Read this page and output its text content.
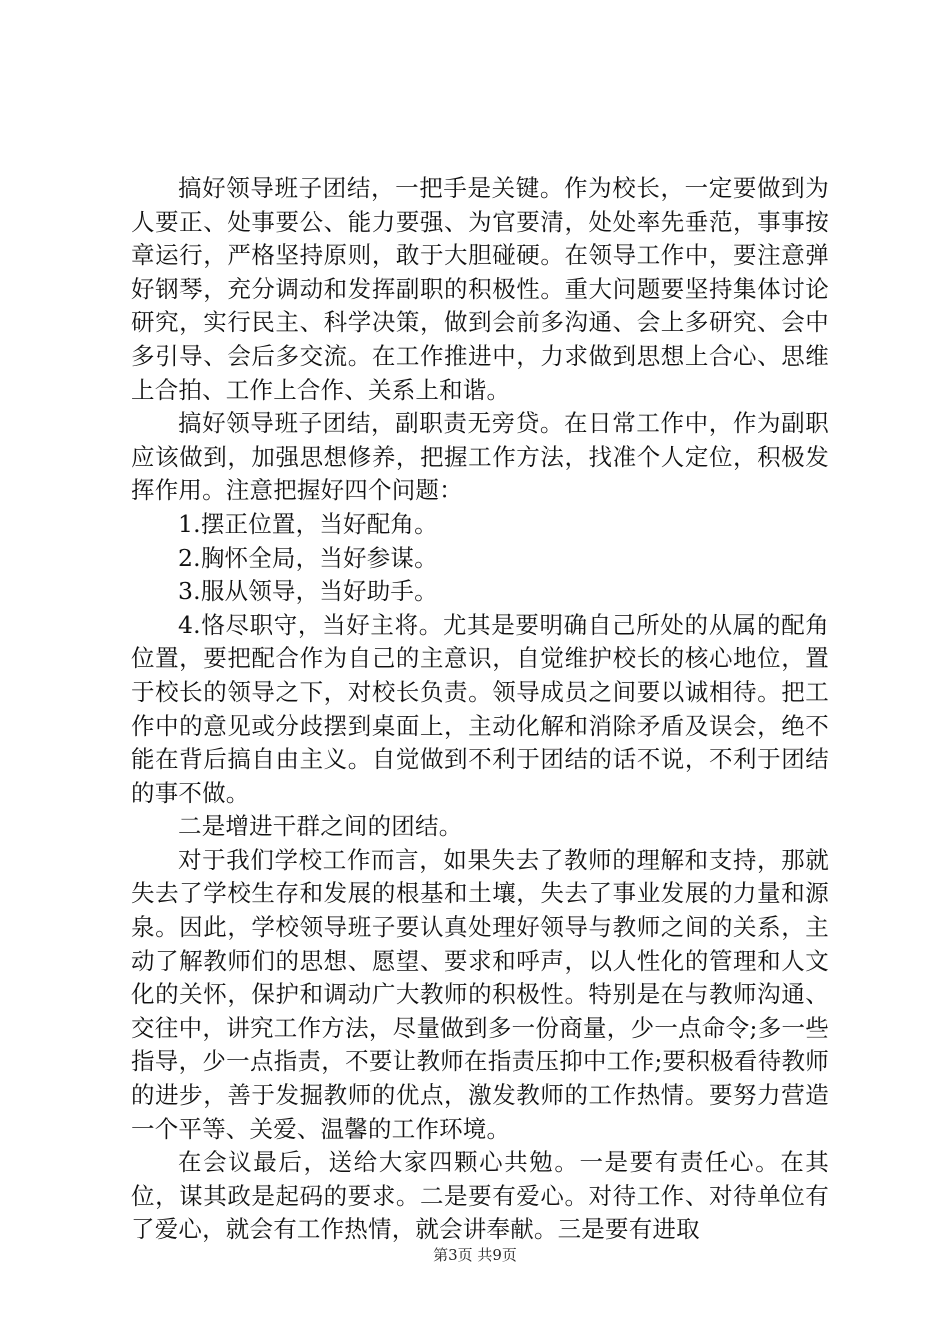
搞好领导班子团结，一把手是关键。作为校长，一定要做到为人要正、处事要公、能力要强、为官要清，处处率先垂范，事事按章运行，严格坚持原则，敢于大胆碰硬。在领导工作中，要注意弹好钢琴，充分调动和发挥副职的积极性。重大问题要坚持集体讨论研究，实行民主、科学决策，做到会前多沟通、会上多研究、会中多引导、会后多交流。在工作推进中，力求做到思想上合心、思维上合拍、工作上合作、关系上和谐。

搞好领导班子团结，副职责无旁贷。在日常工作中，作为副职应该做到，加强思想修养，把握工作方法，找准个人定位，积极发挥作用。注意把握好四个问题：

1.摆正位置，当好配角。

2.胸怀全局，当好参谋。

3.服从领导，当好助手。

4.恪尽职守，当好主将。尤其是要明确自己所处的从属的配角位置，要把配合作为自己的主意识，自觉维护校长的核心地位，置于校长的领导之下，对校长负责。领导成员之间要以诚相待。把工作中的意见或分歧摆到桌面上，主动化解和消除矛盾及误会，绝不能在背后搞自由主义。自觉做到不利于团结的话不说，不利于团结的事不做。

二是增进干群之间的团结。

对于我们学校工作而言，如果失去了教师的理解和支持，那就失去了学校生存和发展的根基和土壤，失去了事业发展的力量和源泉。因此，学校领导班子要认真处理好领导与教师之间的关系，主动了解教师们的思想、愿望、要求和呼声，以人性化的管理和人文化的关怀，保护和调动广大教师的积极性。特别是在与教师沟通、交往中，讲究工作方法，尽量做到多一份商量，少一点命令;多一些指导，少一点指责，不要让教师在指责压抑中工作;要积极看待教师的进步，善于发掘教师的优点，激发教师的工作热情。要努力营造一个平等、关爱、温馨的工作环境。

在会议最后，送给大家四颗心共勉。一是要有责任心。在其位，谋其政是起码的要求。二是要有爱心。对待工作、对待单位有了爱心，就会有工作热情，就会讲奉献。三是要有进取

第3页 共9页
